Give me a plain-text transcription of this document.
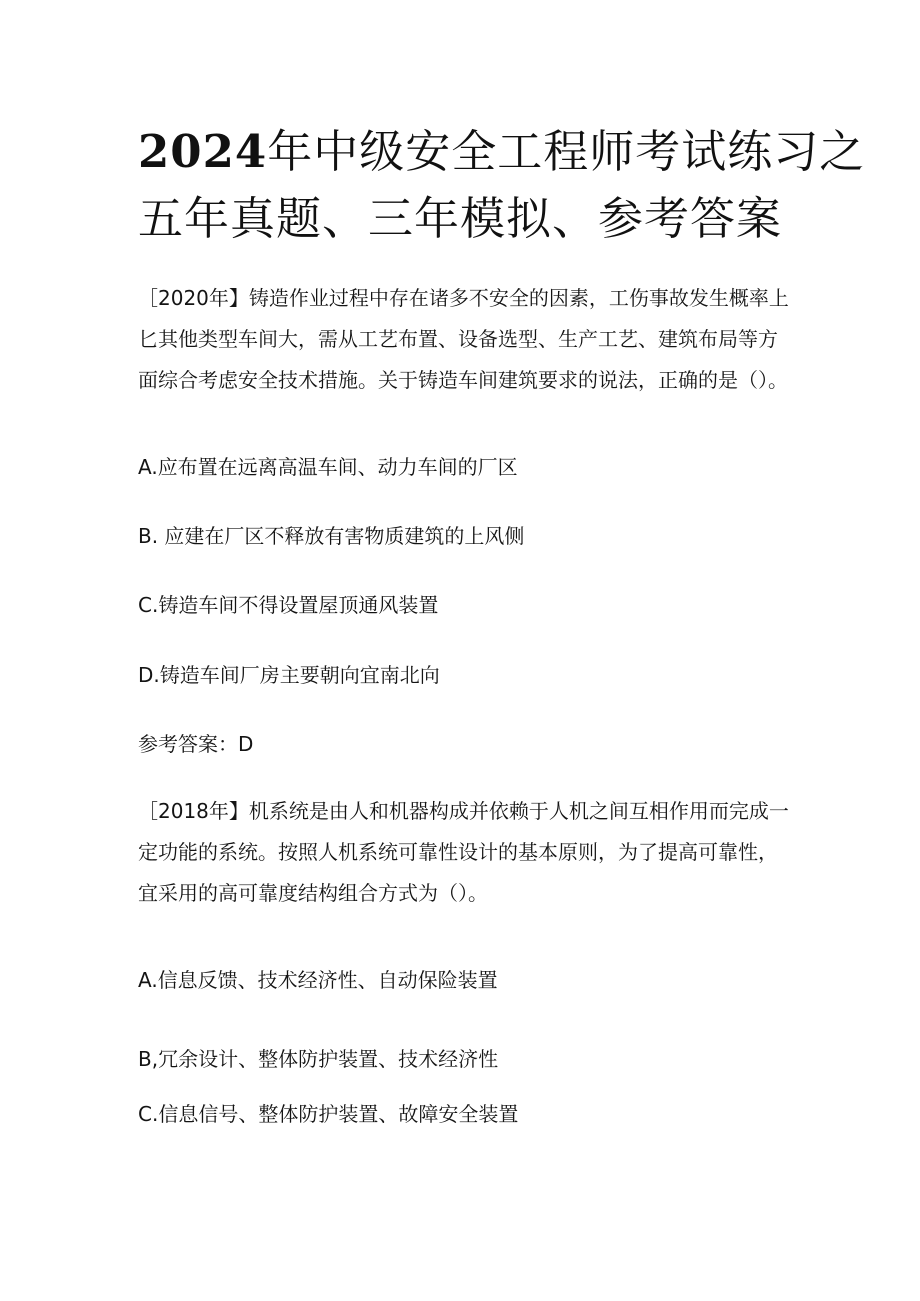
2024年中级安全工程师考试练习之
五年真题、三年模拟、参考答案
［2020年】铸造作业过程中存在诸多不安全的因素，工伤事故发生概率上
匕其他类型车间大，需从工艺布置、设备选型、生产工艺、建筑布局等方
面综合考虑安全技术措施。关于铸造车间建筑要求的说法，正确的是（）。
A.应布置在远离高温车间、动力车间的厂区
B. 应建在厂区不释放有害物质建筑的上风侧
C.铸造车间不得设置屋顶通风装置
D.铸造车间厂房主要朝向宜南北向
参考答案：D
［2018年】机系统是由人和机器构成并依赖于人机之间互相作用而完成一
定功能的系统。按照人机系统可靠性设计的基本原则，为了提高可靠性，
宜采用的高可靠度结构组合方式为（）。
A.信息反馈、技术经济性、自动保险装置
B,冗余设计、整体防护装置、技术经济性
C.信息信号、整体防护装置、故障安全装置
